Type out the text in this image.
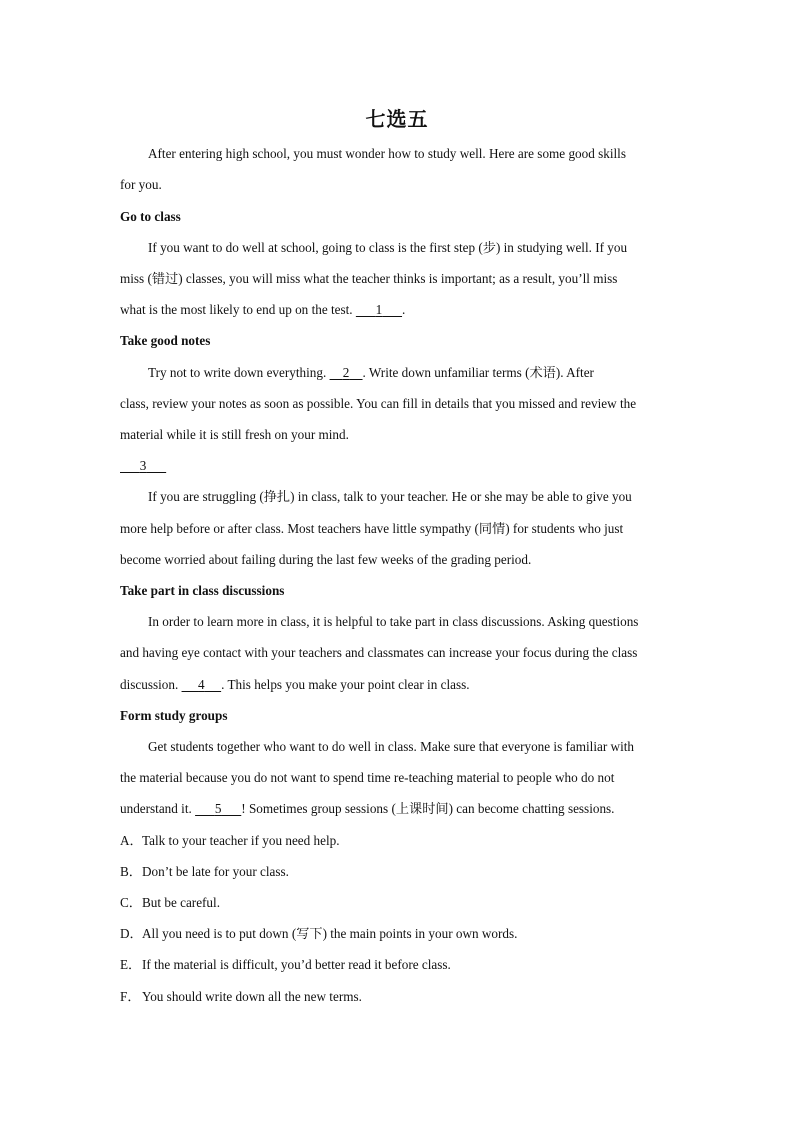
七选五
After entering high school, you must wonder how to study well. Here are some good skills
for you.
Go to class
If you want to do well at school, going to class is the first step (步) in studying well. If you
miss (错过) classes, you will miss what the teacher thinks is important; as a result, you’ll miss
what is the most likely to end up on the test.       1 .
Take good notes
Try not to write down everything.     2 . Write down unfamiliar terms (术语). After
class, review your notes as soon as possible. You can fill in details that you missed and review the
material while it is still fresh on your mind.
3
If you are struggling (挣扎) in class, talk to your teacher. He or she may be able to give you
more help before or after class. Most teachers have little sympathy (同情) for students who just
become worried about failing during the last few weeks of the grading period.
Take part in class discussions
In order to learn more in class, it is helpful to take part in class discussions. Asking questions
and having eye contact with your teachers and classmates can increase your focus during the class
discussion.      4 . This helps you make your point clear in class.
Form study groups
Get students together who want to do well in class. Make sure that everyone is familiar with
the material because you do not want to spend time re-teaching material to people who do not
understand it.       5 ! Sometimes group sessions (上课时间) can become chatting sessions.
A．Talk to your teacher if you need help.
B．Don’t be late for your class.
C．But be careful.
D．All you need is to put down (写下) the main points in your own words.
E．If the material is difficult, you’d better read it before class.
F．You should write down all the new terms.
